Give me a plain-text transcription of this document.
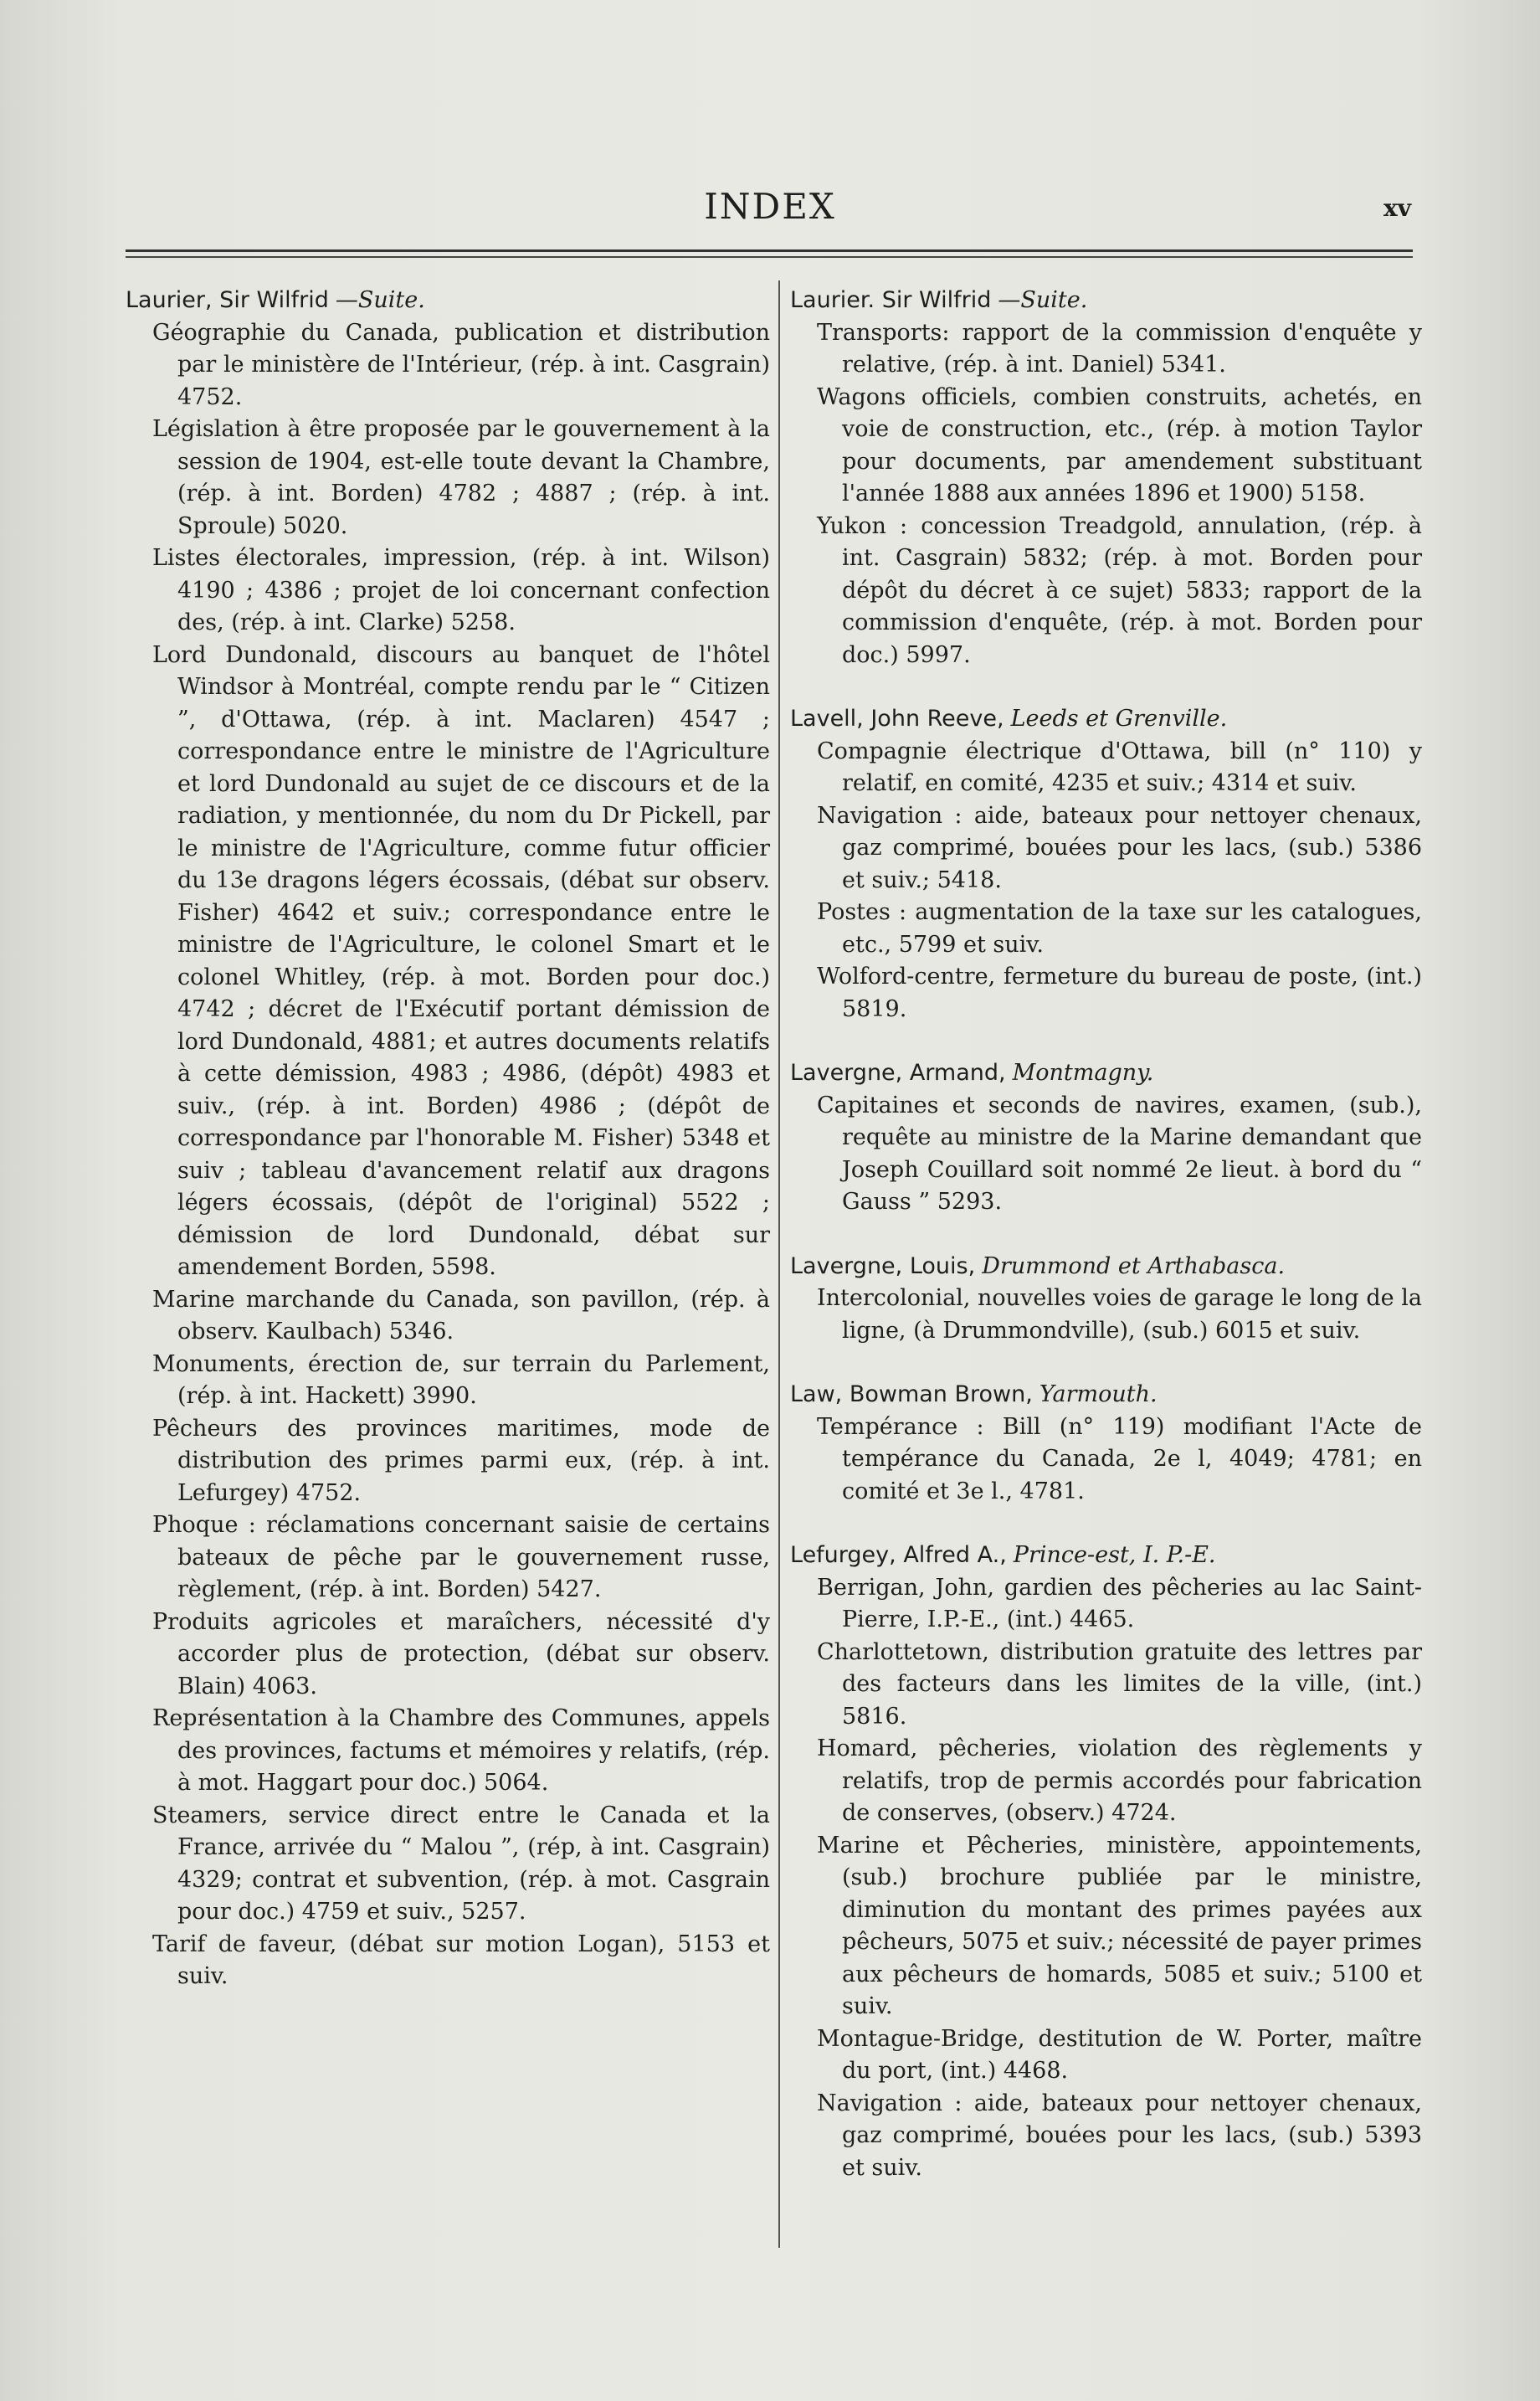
INDEX	xv

Laurier, Sir Wilfrid —Suite.

Géographie du Canada, publication et distribution par le ministère de l'Intérieur, (rép. à int. Casgrain) 4752.

Législation à être proposée par le gouvernement à la session de 1904, est-elle toute devant la Chambre, (rép. à int. Borden) 4782 ; 4887 ; (rép. à int. Sproule) 5020.

Listes électorales, impression, (rép. à int. Wilson) 4190 ; 4386 ; projet de loi concernant confection des, (rép. à int. Clarke) 5258.

Lord Dundonald, discours au banquet de l'hôtel Windsor à Montréal, compte rendu par le “ Citizen ”, d'Ottawa, (rép. à int. Maclaren) 4547 ; correspondance entre le ministre de l'Agriculture et lord Dundonald au sujet de ce discours et de la radiation, y mentionnée, du nom du Dr Pickell, par le ministre de l'Agriculture, comme futur officier du 13e dragons légers écossais, (débat sur observ. Fisher) 4642 et suiv.; correspondance entre le ministre de l'Agriculture, le colonel Smart et le colonel Whitley, (rép. à mot. Borden pour doc.) 4742 ; décret de l'Exécutif portant démission de lord Dundonald, 4881; et autres documents relatifs à cette démission, 4983 ; 4986, (dépôt) 4983 et suiv., (rép. à int. Borden) 4986 ; (dépôt de correspondance par l'honorable M. Fisher) 5348 et suiv ; tableau d'avancement relatif aux dragons légers écossais, (dépôt de l'original) 5522 ; démission de lord Dundonald, débat sur amendement Borden, 5598.

Marine marchande du Canada, son pavillon, (rép. à observ. Kaulbach) 5346.

Monuments, érection de, sur terrain du Parlement, (rép. à int. Hackett) 3990.

Pêcheurs des provinces maritimes, mode de distribution des primes parmi eux, (rép. à int. Lefurgey) 4752.

Phoque : réclamations concernant saisie de certains bateaux de pêche par le gouvernement russe, règlement, (rép. à int. Borden) 5427.

Produits agricoles et maraîchers, nécessité d'y accorder plus de protection, (débat sur observ. Blain) 4063.

Représentation à la Chambre des Communes, appels des provinces, factums et mémoires y relatifs, (rép. à mot. Haggart pour doc.) 5064.

Steamers, service direct entre le Canada et la France, arrivée du “ Malou ”, (rép, à int. Casgrain) 4329; contrat et subvention, (rép. à mot. Casgrain pour doc.) 4759 et suiv., 5257.

Tarif de faveur, (débat sur motion Logan), 5153 et suiv.

Laurier. Sir Wilfrid —Suite.

Transports: rapport de la commission d'enquête y relative, (rép. à int. Daniel) 5341.

Wagons officiels, combien construits, achetés, en voie de construction, etc., (rép. à motion Taylor pour documents, par amendement substituant l'année 1888 aux années 1896 et 1900) 5158.

Yukon : concession Treadgold, annulation, (rép. à int. Casgrain) 5832; (rép. à mot. Borden pour dépôt du décret à ce sujet) 5833; rapport de la commission d'enquête, (rép. à mot. Borden pour doc.) 5997.

Lavell, John Reeve, Leeds et Grenville.

Compagnie électrique d'Ottawa, bill (n° 110) y relatif, en comité, 4235 et suiv.; 4314 et suiv.

Navigation : aide, bateaux pour nettoyer chenaux, gaz comprimé, bouées pour les lacs, (sub.) 5386 et suiv.; 5418.

Postes : augmentation de la taxe sur les catalogues, etc., 5799 et suiv.

Wolford-centre, fermeture du bureau de poste, (int.) 5819.

Lavergne, Armand, Montmagny.

Capitaines et seconds de navires, examen, (sub.), requête au ministre de la Marine demandant que Joseph Couillard soit nommé 2e lieut. à bord du “ Gauss ” 5293.

Lavergne, Louis, Drummond et Arthabasca.

Intercolonial, nouvelles voies de garage le long de la ligne, (à Drummondville), (sub.) 6015 et suiv.

Law, Bowman Brown, Yarmouth.

Tempérance : Bill (n° 119) modifiant l'Acte de tempérance du Canada, 2e l, 4049; 4781; en comité et 3e l., 4781.

Lefurgey, Alfred A., Prince-est, I. P.-E.

Berrigan, John, gardien des pêcheries au lac Saint-Pierre, I.P.-E., (int.) 4465.

Charlottetown, distribution gratuite des lettres par des facteurs dans les limites de la ville, (int.) 5816.

Homard, pêcheries, violation des règlements y relatifs, trop de permis accordés pour fabrication de conserves, (observ.) 4724.

Marine et Pêcheries, ministère, appointements, (sub.) brochure publiée par le ministre, diminution du montant des primes payées aux pêcheurs, 5075 et suiv.; nécessité de payer primes aux pêcheurs de homards, 5085 et suiv.; 5100 et suiv.

Montague-Bridge, destitution de W. Porter, maître du port, (int.) 4468.

Navigation : aide, bateaux pour nettoyer chenaux, gaz comprimé, bouées pour les lacs, (sub.) 5393 et suiv.
